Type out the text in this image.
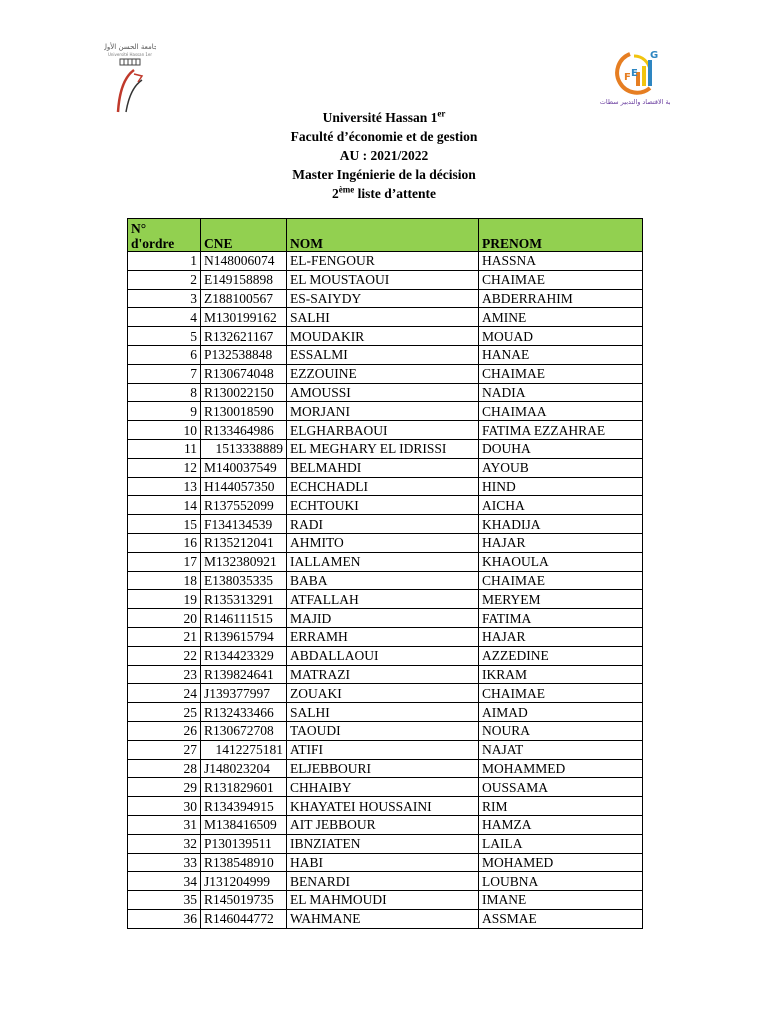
جامعة الحسن الأول
Université Hassan 1er
F E
G
كلية الاقتصاد والتدبير سطات
Université Hassan 1er
Faculté d’économie et de gestion
AU : 2021/2022
Master Ingénierie de la décision
2ème liste d’attente
N°
d'ordre	CNE	NOM	PRENOM
1	N148006074	EL-FENGOUR	HASSNA
2	E149158898	EL MOUSTAOUI	CHAIMAE
3	Z188100567	ES-SAIYDY	ABDERRAHIM
4	M130199162	SALHI	AMINE
5	R132621167	MOUDAKIR	MOUAD
6	P132538848	ESSALMI	HANAE
7	R130674048	EZZOUINE	CHAIMAE
8	R130022150	AMOUSSI	NADIA
9	R130018590	MORJANI	CHAIMAA
10	R133464986	ELGHARBAOUI	FATIMA EZZAHRAE
11	1513338889	EL MEGHARY EL IDRISSI	DOUHA
12	M140037549	BELMAHDI	AYOUB
13	H144057350	ECHCHADLI	HIND
14	R137552099	ECHTOUKI	AICHA
15	F134134539	RADI	KHADIJA
16	R135212041	AHMITO	HAJAR
17	M132380921	IALLAMEN	KHAOULA
18	E138035335	BABA	CHAIMAE
19	R135313291	ATFALLAH	MERYEM
20	R146111515	MAJID	FATIMA
21	R139615794	ERRAMH	HAJAR
22	R134423329	ABDALLAOUI	AZZEDINE
23	R139824641	MATRAZI	IKRAM
24	J139377997	ZOUAKI	CHAIMAE
25	R132433466	SALHI	AIMAD
26	R130672708	TAOUDI	NOURA
27	1412275181	ATIFI	NAJAT
28	J148023204	ELJEBBOURI	MOHAMMED
29	R131829601	CHHAIBY	OUSSAMA
30	R134394915	KHAYATEI HOUSSAINI	RIM
31	M138416509	AIT JEBBOUR	HAMZA
32	P130139511	IBNZIATEN	LAILA
33	R138548910	HABI	MOHAMED
34	J131204999	BENARDI	LOUBNA
35	R145019735	EL MAHMOUDI	IMANE
36	R146044772	WAHMANE	ASSMAE
